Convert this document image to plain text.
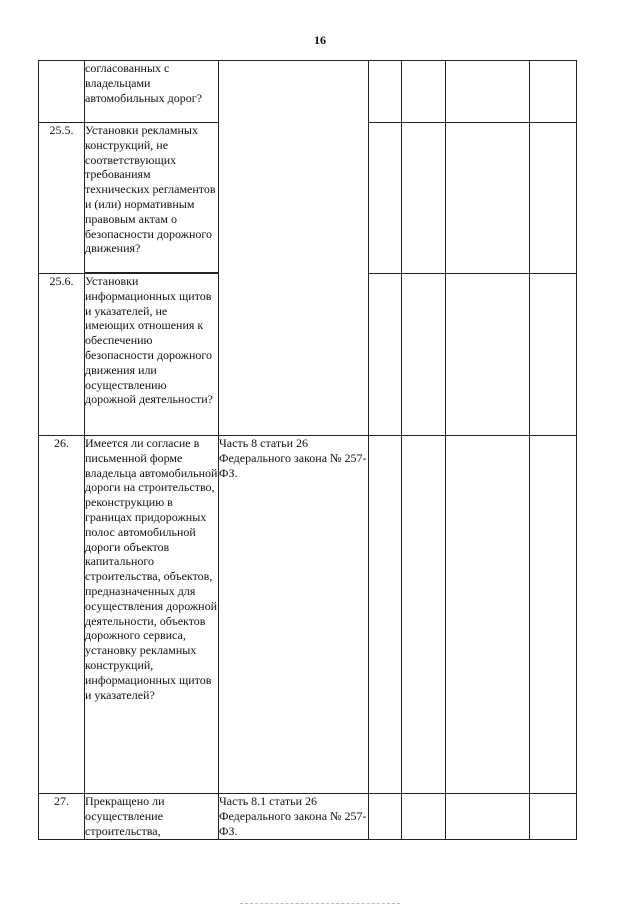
16
	согласованных с владельцами автомобильных дорог?					

25.5.	Установки рекламных конструкций, не соответствующих требованиям технических регламентов и (или) нормативным правовым актам о безопасности дорожного движения?					

25.6.	Установки информационных щитов и указателей, не имеющих отношения к обеспечению безопасности дорожного движения или осуществлению дорожной деятельности?					

26.	Имеется ли согласие в письменной форме владельца автомобильной дороги на строительство, реконструкцию в границах придорожных полос автомобильной дороги объектов капитального строительства, объектов, предназначенных для осуществления дорожной деятельности, объектов дорожного сервиса, установку рекламных конструкций, информационных щитов и указателей?	Часть 8 статьи 26 Федерального закона № 257-ФЗ.				
27.	Прекращено ли осуществление строительства,	Часть 8.1 статьи 26 Федерального закона № 257-ФЗ.				
